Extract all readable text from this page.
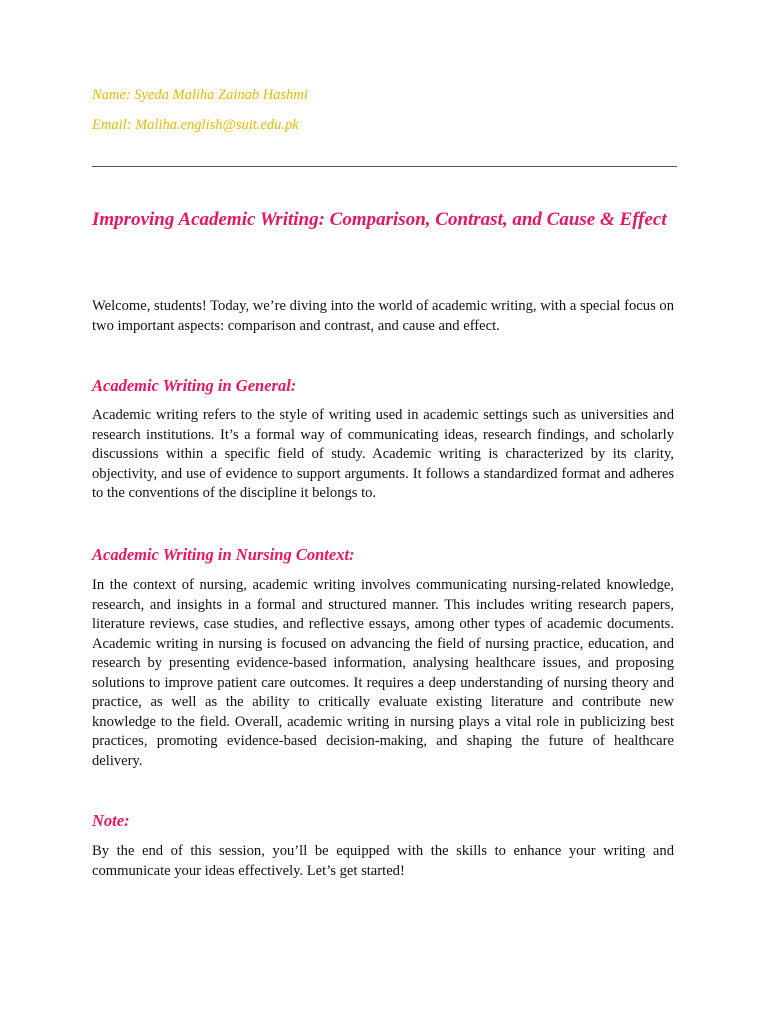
Name: Syeda Maliha Zainab Hashmi
Email: Maliha.english@suit.edu.pk
Improving Academic Writing: Comparison, Contrast, and Cause & Effect

Welcome, students! Today, we’re diving into the world of academic writing, with a special focus on two important aspects: comparison and contrast, and cause and effect.

Academic Writing in General:

Academic writing refers to the style of writing used in academic settings such as universities and research institutions. It’s a formal way of communicating ideas, research findings, and scholarly discussions within a specific field of study. Academic writing is characterized by its clarity, objectivity, and use of evidence to support arguments. It follows a standardized format and adheres to the conventions of the discipline it belongs to.

Academic Writing in Nursing Context:

In the context of nursing, academic writing involves communicating nursing-related knowledge, research, and insights in a formal and structured manner. This includes writing research papers, literature reviews, case studies, and reflective essays, among other types of academic documents. Academic writing in nursing is focused on advancing the field of nursing practice, education, and research by presenting evidence-based information, analysing healthcare issues, and proposing solutions to improve patient care outcomes. It requires a deep understanding of nursing theory and practice, as well as the ability to critically evaluate existing literature and contribute new knowledge to the field. Overall, academic writing in nursing plays a vital role in publicizing best practices, promoting evidence-based decision-making, and shaping the future of healthcare delivery.

Note:

By the end of this session, you’ll be equipped with the skills to enhance your writing and communicate your ideas effectively. Let’s get started!
